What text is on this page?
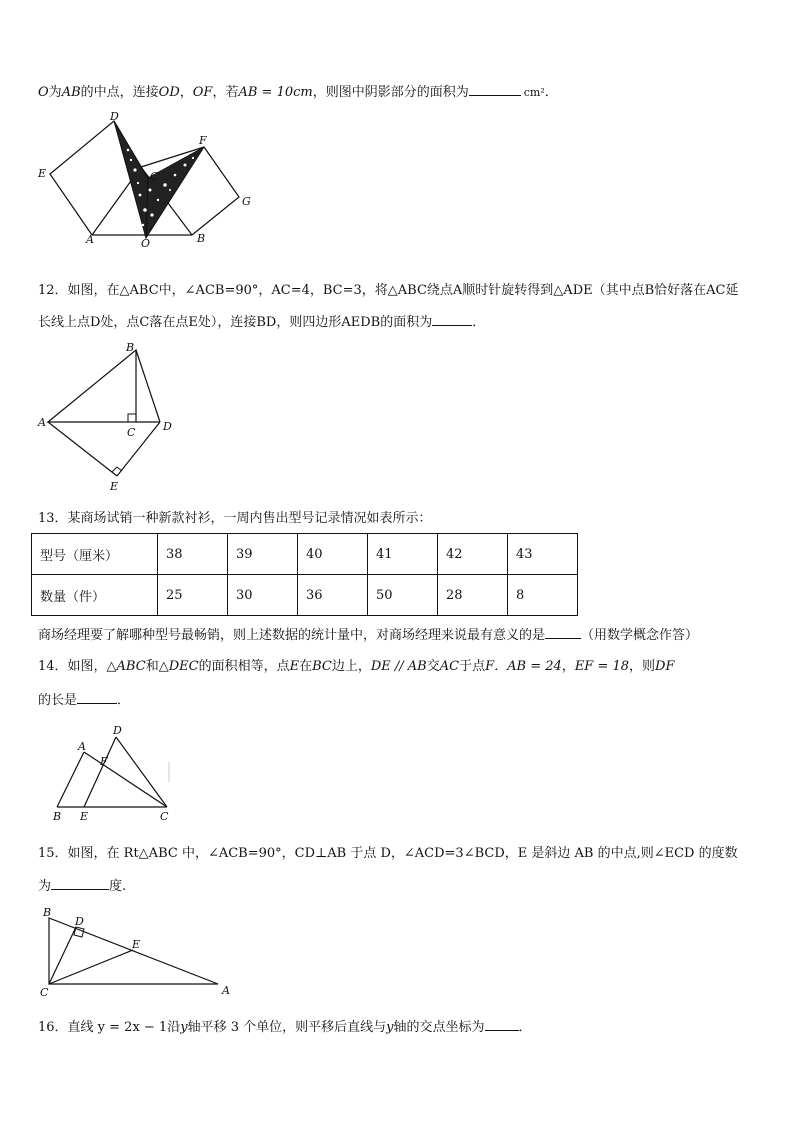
O为AB的中点，连接OD，OF，若AB = 10cm，则图中阴影部分的面积为	cm²．
D
E
A	O
C
F
B
G
A
B
C	D
E
A
D
F
B E	C
B
D
E
C	A
12．如图，在△ABC中，∠ACB=90°，AC=4，BC=3，将△ABC绕点A顺时针旋转得到△ADE（其中点B恰好落在AC延
长线上点D处，点C落在点E处），连接BD，则四边形AEDB的面积为	．
13．某商场试销一种新款衬衫，一周内售出型号记录情况如表所示：
型号（厘米）	38	39	40	41	42	43
数量（件）	25	30	36	50	28	8
商场经理要了解哪种型号最畅销，则上述数据的统计量中，对商场经理来说最有意义的是	（用数学概念作答）
14．如图，△ABC和△DEC的面积相等，点E在BC边上，DE // AB交AC于点F．AB = 24，EF = 18，则DF
的长是	．
15．如图，在 Rt△ABC 中，∠ACB=90°，CD⊥AB 于点 D，∠ACD=3∠BCD，E 是斜边 AB 的中点,则∠ECD 的度数
为	度.
16．直线 y = 2x − 1沿y轴平移 3 个单位，则平移后直线与y轴的交点坐标为	．
